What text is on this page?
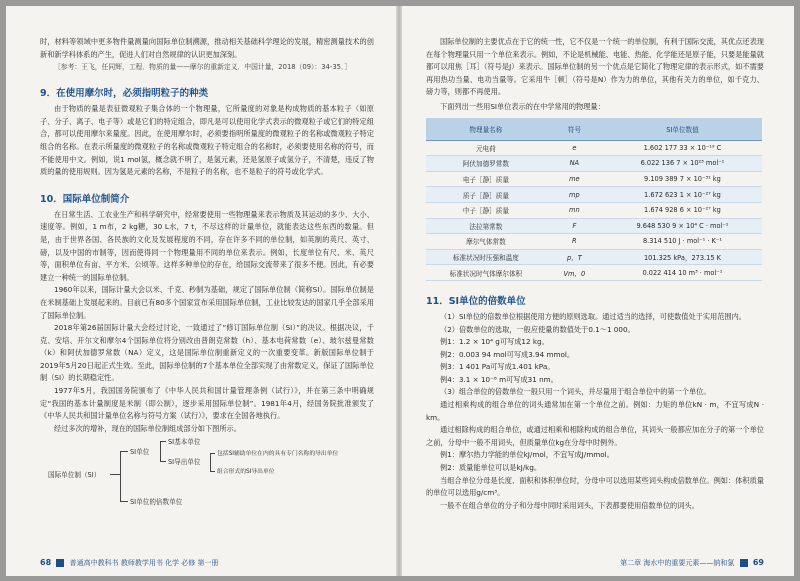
时，材料等领域中更多物件量测量向国际单位制溯源，推动相关基础科学理论的发展，精密测量技术的创新和新学科体系的产生，促进人们对自然规律的认识更加深刻。

［参考：王飞，任同辉，工程．物质的量——摩尔的重新定义．中国计量，2018（09）：34-35．］

9．在使用摩尔时，必须指明粒子的种类

由于物质的量是表征微观粒子集合体的一个物理量，它所量度的对象是构成物质的基本粒子（如原子、分子、离子、电子等）或是它们的特定组合，即凡是可以使用化学式表示的微观粒子或它们的特定组合，都可以使用摩尔来量度。因此，在使用摩尔时，必须要指明所量度的微观粒子的名称或微观粒子特定组合的名称。在表示所量度的微观粒子的名称或微观粒子特定组合的名称时，必须要使用名称的符号，而不能使用中文。例如，说1 mol氢，概念就不明了，是氢元素，还是氢原子或氢分子，不清楚，违反了物质的量的使用规则。因为氢是元素的名称，不是粒子的名称，也不是粒子的符号或化学式。

10．国际单位制简介

在日常生活、工农业生产和科学研究中，经常要使用一些物理量来表示物质及其运动的多少、大小、速度等。例如，1 m布，2 kg糖，30 L水，7 t，不尽这样的计量单位，就能表达这些东西的数量。但是，由于世界各国、各民族的文化及发展程度的不同，存在许多不同的单位制，如英制的英尺、英寸、磅，以及中国的市制等，因而使得同一个物理量用不同的单位来表示。例如，长度单位有尺、米、英尺等，面积单位有亩、平方米、公顷等。这样多种单位的存在，给国际交流带来了很多不便。因此，有必要建立一种统一的国际单位制。

1960年以来，国际计量大会以米、千克、秒制为基础，规定了国际单位制（简称SI）。国际单位制是在米制基础上发展起来的。目前已有80多个国家宣布采用国际单位制，工业比较发达的国家几乎全部采用了国际单位制。

2018年第26届国际计量大会经过讨论，一致通过了“修订国际单位制（SI）”的决议。根据决议，千克、安培、开尔文和摩尔4个国际单位将分别改由普朗克常数（h）、基本电荷常数（e）、玻尔兹曼常数（k）和阿伏加德罗常数（NA）定义，这是国际单位制重新定义的一次重要变革。新版国际单位制于2019年5月20日起正式生效。至此，国际单位制的7个基本单位全部实现了由常数定义，保证了国际单位制（SI）的长期稳定性。

1977年5月，我国国务院颁布了《中华人民共和国计量管理条例（试行）》，并在第三条中明确规定“我国的基本计量制度是米制（即公制），逐步采用国际单位制”。1981年4月，经国务院批准颁发了《中华人民共和国计量单位名称与符号方案（试行）》，要求在全国各地执行。

经过多次的增补，现在的国际单位制组成部分如下图所示。

国际单位制（SI）
SI单位
SI单位的倍数单位
SI基本单位
SI导出单位
包括SI辅助单位在内的具有专门名称的导出单位
组合形式的SI导出单位
68	普通高中教科书 教师教学用书 化学 必修 第一册

国际单位制的主要优点在于它的统一性，它不仅是一个统一的单位制，有利于国际交流，其优点还表现在每个物理量只用一个单位来表示。例如，不论是机械能、电能、热能、化学能还是原子能，只要是能量就都可以用焦［耳］（符号是J）来表示。国际单位制的另一个优点是它简化了物理定律的表示形式，如不需要再用热功当量、电功当量等。它采用牛［顿］（符号是N）作为力的单位，其他有关力的单位，如千克力、磅力等，则都不再使用。

下面列出一些用SI单位表示的在中学常用的物理量：

物理量名称	符号	SI单位数值
元电荷	e	1.602 177 33 × 10⁻¹⁹ C
阿伏加德罗常数	NA	6.022 136 7 × 10²³ mol⁻¹
电子［静］质量	me	9.109 389 7 × 10⁻³¹ kg
质子［静］质量	mp	1.672 623 1 × 10⁻²⁷ kg
中子［静］质量	mn	1.674 928 6 × 10⁻²⁷ kg
法拉第常数	F	9.648 530 9 × 10⁴ C · mol⁻¹
摩尔气体常数	R	8.314 510 J · mol⁻¹ · K⁻¹
标准状况时压强和温度	p，T	101.325 kPa，273.15 K
标准状况时气体摩尔体积	Vm，0	0.022 414 10 m³ · mol⁻¹
11．SI单位的倍数单位

（1）SI单位的倍数单位根据使用方便的原则选取。通过适当的选择，可使数值处于实用范围内。

（2）倍数单位的选取，一般应使量的数值处于0.1～1 000。

例1：1.2 × 10⁴ g可写成12 kg。

例2：0.003 94 mol可写成3.94 mmol。

例3：1 401 Pa可写成1.401 kPa。

例4：3.1 × 10⁻⁸ m可写成31 nm。

（3）组合单位的倍数单位一般只用一个词头，并尽量用于组合单位中的第一个单位。

通过相乘构成的组合单位的词头通常加在第一个单位之前。例如：力矩的单位kN · m，不宜写成N · km。

通过相除构成的组合单位，或通过相乘和相除构成的组合单位，其词头一般都应加在分子的第一个单位之前，分母中一般不用词头，但质量单位kg在分母中时例外。

例1：摩尔热力学能的单位kJ/mol，不宜写成J/mmol。

例2：质量能单位可以是kJ/kg。

当组合单位分母是长度、面积和体积单位时，分母中可以选用某些词头构成倍数单位。例如：体积质量的单位可以选用g/cm³。

一般不在组合单位的分子和分母中同时采用词头，下表都要使用倍数单位的词头。

第二章 海水中的重要元素——钠和氯 69
